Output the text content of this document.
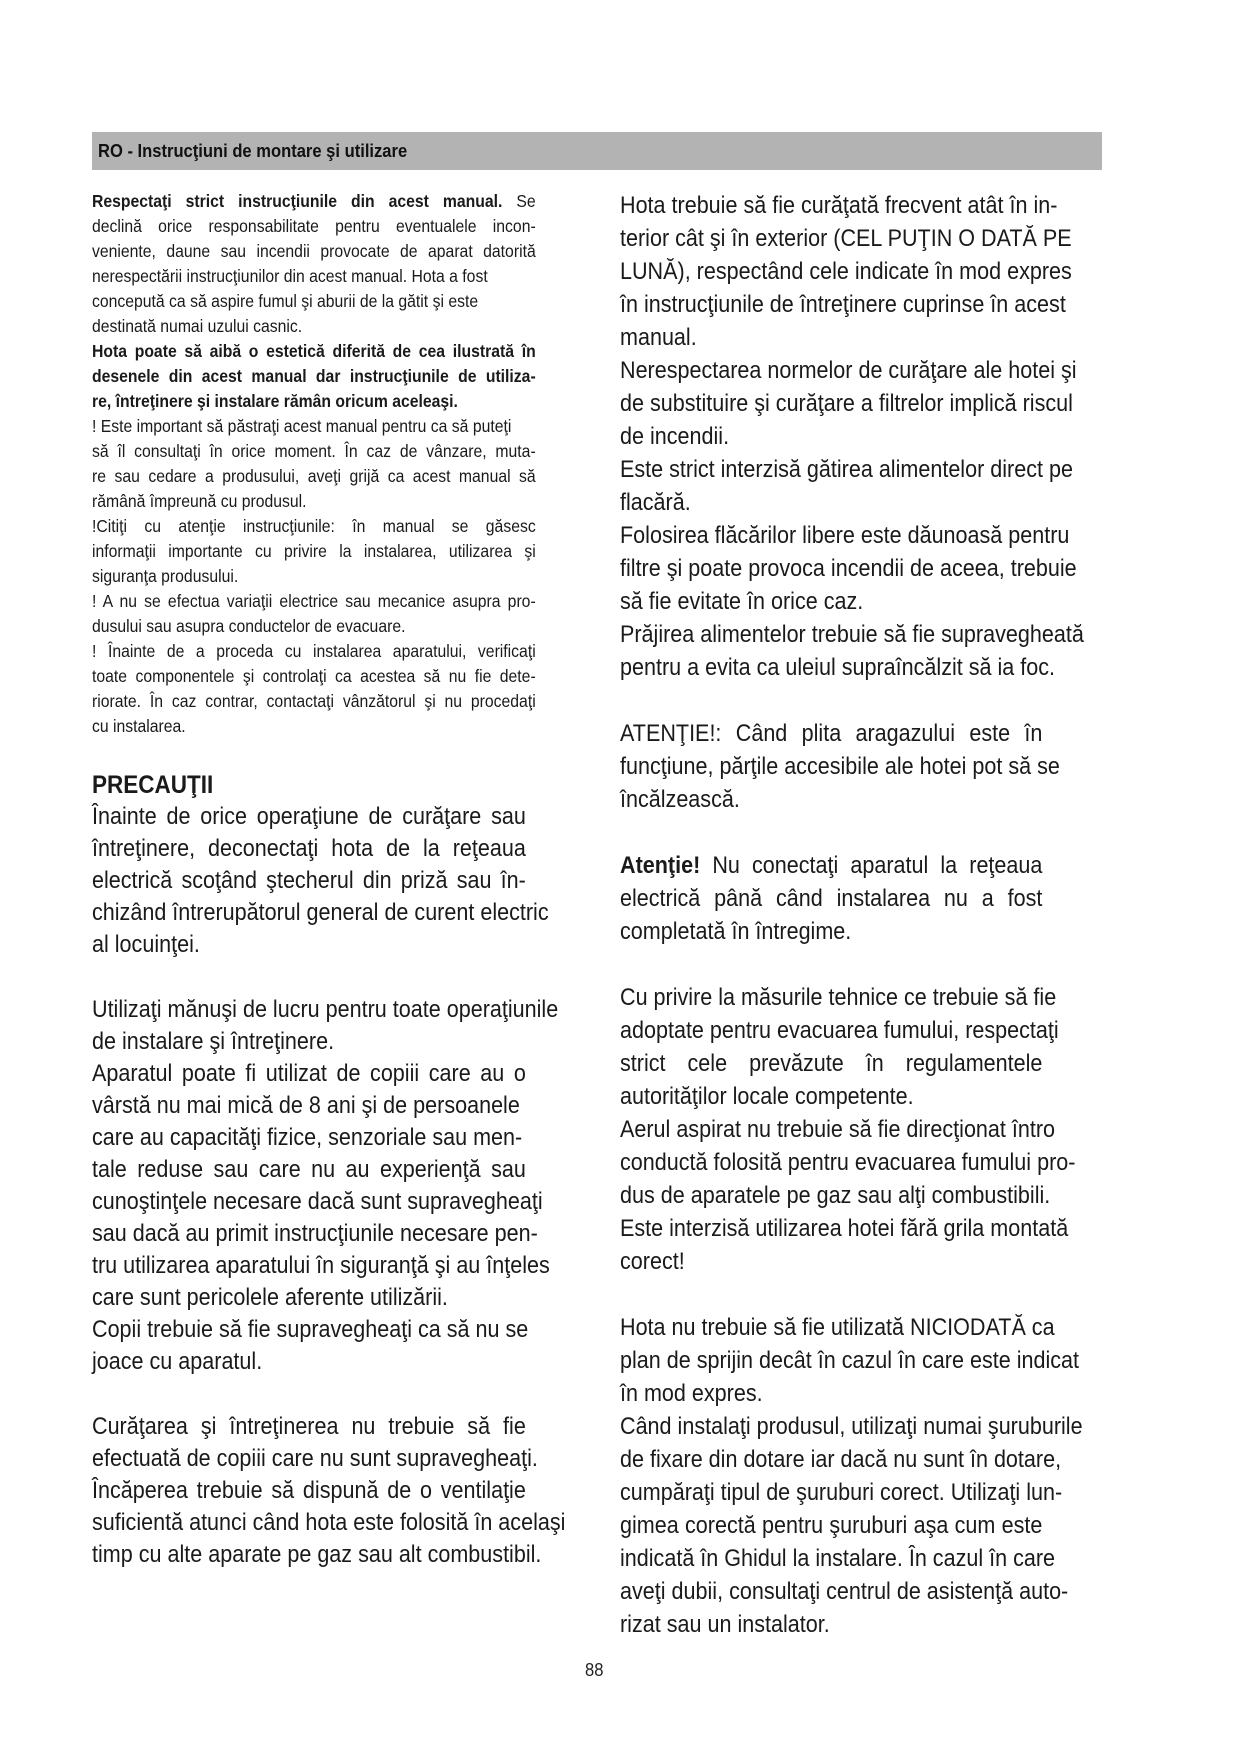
RO - Instrucţiuni de montare şi utilizare
Respectaţi strict instrucţiunile din acest manual. Se
declină orice responsabilitate pentru eventualele incon-
veniente, daune sau incendii provocate de aparat datorită
nerespectării instrucţiunilor din acest manual. Hota a fost
concepută ca să aspire fumul şi aburii de la gătit şi este
destinată numai uzului casnic.
Hota poate să aibă o estetică diferită de cea ilustrată în
desenele din acest manual dar instrucţiunile de utiliza-
re, întreţinere şi instalare rămân oricum aceleaşi.
! Este important să păstraţi acest manual pentru ca să puteţi
să îl consultaţi în orice moment. În caz de vânzare, muta-
re sau cedare a produsului, aveţi grijă ca acest manual să
rămână împreună cu produsul.
!Citiţi cu atenţie instrucţiunile: în manual se găsesc
informaţii importante cu privire la instalarea, utilizarea şi
siguranţa produsului.
! A nu se efectua variaţii electrice sau mecanice asupra pro-
dusului sau asupra conductelor de evacuare.
! Înainte de a proceda cu instalarea aparatului, verificaţi
toate componentele şi controlaţi ca acestea să nu fie dete-
riorate. În caz contrar, contactaţi vânzătorul şi nu procedaţi
cu instalarea.
PRECAUŢII
Înainte de orice operaţiune de curăţare sau
întreţinere, deconectaţi hota de la reţeaua
electrică scoţând ştecherul din priză sau în-
chizând întrerupătorul general de curent electric
al locuinţei.
Utilizaţi mănuşi de lucru pentru toate operaţiunile
de instalare şi întreţinere.
Aparatul poate fi utilizat de copiii care au o
vârstă nu mai mică de 8 ani şi de persoanele
care au capacităţi fizice, senzoriale sau men-
tale reduse sau care nu au experienţă sau
cunoştinţele necesare dacă sunt supravegheaţi
sau dacă au primit instrucţiunile necesare pen-
tru utilizarea aparatului în siguranţă şi au înţeles
care sunt pericolele aferente utilizării.
Copii trebuie să fie supravegheaţi ca să nu se
joace cu aparatul.
Curăţarea şi întreţinerea nu trebuie să fie
efectuată de copiii care nu sunt supravegheaţi.
Încăperea trebuie să dispună de o ventilaţie
suficientă atunci când hota este folosită în acelaşi
timp cu alte aparate pe gaz sau alt combustibil.
Hota trebuie să fie curăţată frecvent atât în in-
terior cât şi în exterior (CEL PUŢIN O DATĂ PE
LUNĂ), respectând cele indicate în mod expres
în instrucţiunile de întreţinere cuprinse în acest
manual.
Nerespectarea normelor de curăţare ale hotei şi
de substituire şi curăţare a filtrelor implică riscul
de incendii.
Este strict interzisă gătirea alimentelor direct pe
flacără.
Folosirea flăcărilor libere este dăunoasă pentru
filtre şi poate provoca incendii de aceea, trebuie
să fie evitate în orice caz.
Prăjirea alimentelor trebuie să fie supravegheată
pentru a evita ca uleiul supraîncălzit să ia foc.
ATENŢIE!: Când plita aragazului este în
funcţiune, părţile accesibile ale hotei pot să se
încălzească.
Atenţie! Nu conectaţi aparatul la reţeaua
electrică până când instalarea nu a fost
completată în întregime.
Cu privire la măsurile tehnice ce trebuie să fie
adoptate pentru evacuarea fumului, respectaţi
strict cele prevăzute în regulamentele
autorităţilor locale competente.
Aerul aspirat nu trebuie să fie direcţionat întro
conductă folosită pentru evacuarea fumului pro-
dus de aparatele pe gaz sau alţi combustibili.
Este interzisă utilizarea hotei fără grila montată
corect!
Hota nu trebuie să fie utilizată NICIODATĂ ca
plan de sprijin decât în cazul în care este indicat
în mod expres.
Când instalaţi produsul, utilizaţi numai şuruburile
de fixare din dotare iar dacă nu sunt în dotare,
cumpăraţi tipul de şuruburi corect. Utilizaţi lun-
gimea corectă pentru şuruburi aşa cum este
indicată în Ghidul la instalare. În cazul în care
aveţi dubii, consultaţi centrul de asistenţă auto-
rizat sau un instalator.
88
